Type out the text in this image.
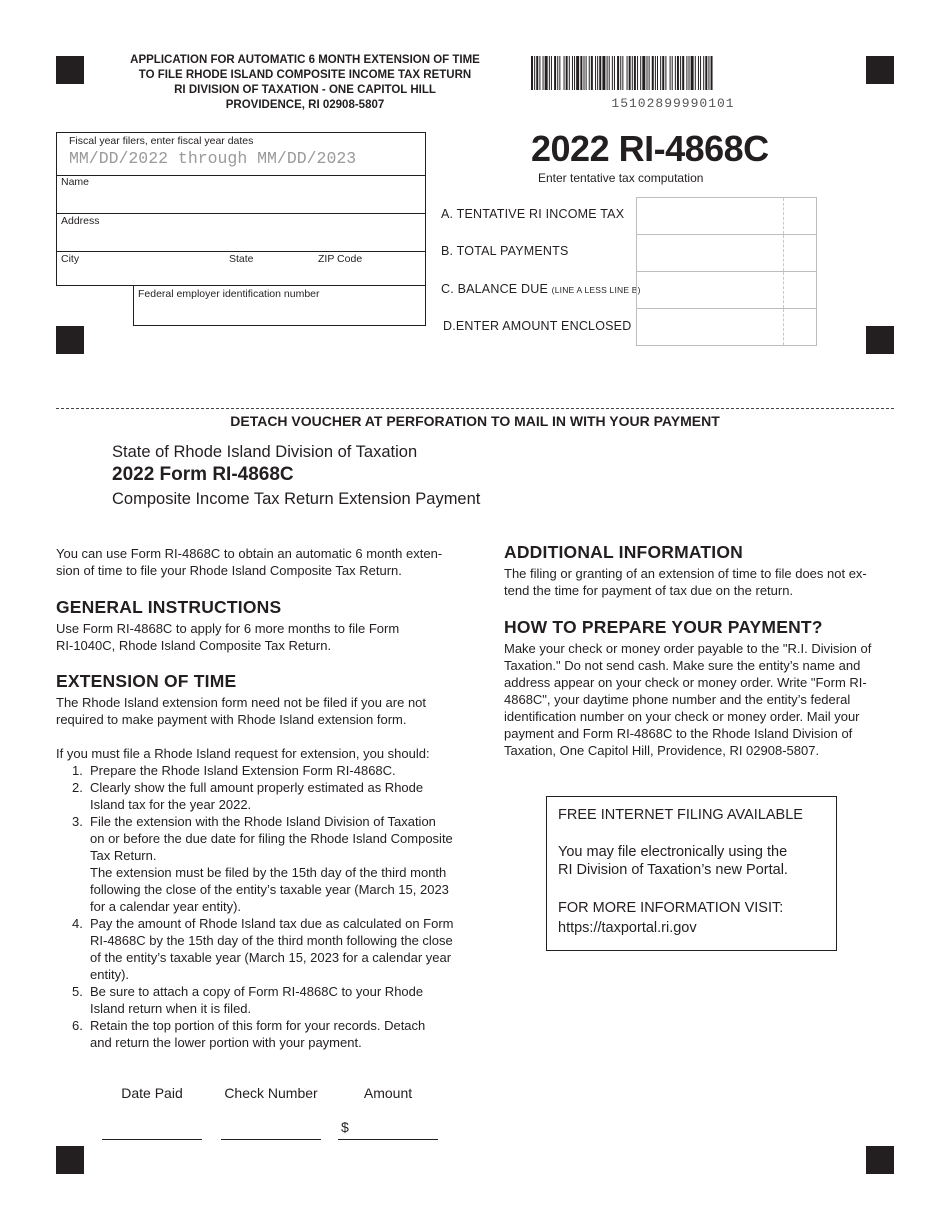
APPLICATION FOR AUTOMATIC 6 MONTH EXTENSION OF TIME
TO FILE RHODE ISLAND COMPOSITE INCOME TAX RETURN
RI DIVISION OF TAXATION - ONE CAPITOL HILL
PROVIDENCE, RI 02908-5807	15102899990101
2022 RI-4868C
Enter tentative tax computation
Fiscal year filers, enter fiscal year dates
MM/DD/2022 through MM/DD/2023
Name
Address
City	State	ZIP Code
Federal employer identification number
A. TENTATIVE RI INCOME TAX
B. TOTAL PAYMENTS
C. BALANCE DUE (LINE A LESS LINE B)
D.ENTER AMOUNT ENCLOSED
DETACH VOUCHER AT PERFORATION TO MAIL IN WITH YOUR PAYMENT
State of Rhode Island Division of Taxation
2022 Form RI-4868C
Composite Income Tax Return Extension Payment
You can use Form RI-4868C to obtain an automatic 6 month exten-
sion of time to file your Rhode Island Composite Tax Return.
GENERAL INSTRUCTIONS
Use Form RI-4868C to apply for 6 more months to file Form
RI-1040C, Rhode Island Composite Tax Return.
EXTENSION OF TIME
The Rhode Island extension form need not be filed if you are not
required to make payment with Rhode Island extension form.
If you must file a Rhode Island request for extension, you should:
1. Prepare the Rhode Island Extension Form RI-4868C.
2. Clearly show the full amount properly estimated as Rhode
Island tax for the year 2022.
3. File the extension with the Rhode Island Division of Taxation
on or before the due date for filing the Rhode Island Composite
Tax Return.
The extension must be filed by the 15th day of the third month
following the close of the entity’s taxable year (March 15, 2023
for a calendar year entity).
4. Pay the amount of Rhode Island tax due as calculated on Form
RI-4868C by the 15th day of the third month following the close
of the entity’s taxable year (March 15, 2023 for a calendar year
entity).
5. Be sure to attach a copy of Form RI-4868C to your Rhode
Island return when it is filed.
6. Retain the top portion of this form for your records. Detach
and return the lower portion with your payment.
ADDITIONAL INFORMATION
The filing or granting of an extension of time to file does not ex-
tend the time for payment of tax due on the return.
HOW TO PREPARE YOUR PAYMENT?
Make your check or money order payable to the "R.I. Division of
Taxation." Do not send cash. Make sure the entity’s name and
address appear on your check or money order. Write "Form RI-
4868C", your daytime phone number and the entity’s federal
identification number on your check or money order. Mail your
payment and Form RI-4868C to the Rhode Island Division of
Taxation, One Capitol Hill, Providence, RI 02908-5807.
FREE INTERNET FILING AVAILABLE
You may file electronically using the
RI Division of Taxation’s new Portal.
FOR MORE INFORMATION VISIT:
https://taxportal.ri.gov
Date Paid	Check Number	Amount
$
